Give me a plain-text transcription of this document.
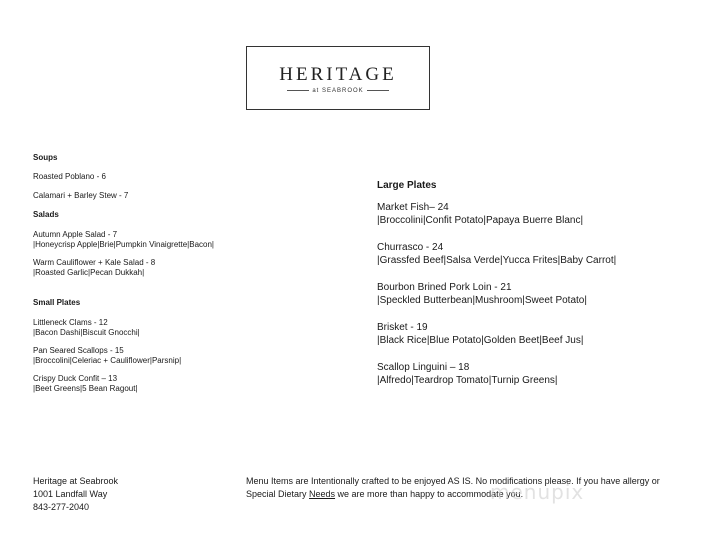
HERITAGE
at SEABROOK
Soups
Roasted Poblano - 6
Calamari + Barley Stew - 7
Salads
Autumn Apple Salad - 7
|Honeycrisp Apple|Brie|Pumpkin Vinaigrette|Bacon|
Warm Cauliflower + Kale Salad - 8
|Roasted Garlic|Pecan Dukkah|
Small Plates
Littleneck Clams - 12
|Bacon Dashi|Biscuit Gnocchi|
Pan Seared Scallops - 15
|Broccolini|Celeriac + Cauliflower|Parsnip|
Crispy Duck Confit – 13
|Beet Greens|5 Bean Ragout|
Large Plates
Market Fish– 24
|Broccolini|Confit Potato|Papaya Buerre Blanc|
Churrasco - 24
|Grassfed Beef|Salsa Verde|Yucca Frites|Baby Carrot|
Bourbon Brined Pork Loin - 21
|Speckled Butterbean|Mushroom|Sweet Potato|
Brisket - 19
|Black Rice|Blue Potato|Golden Beet|Beef Jus|
Scallop Linguini – 18
|Alfredo|Teardrop Tomato|Turnip Greens|
Heritage at Seabrook
1001 Landfall Way
843-277-2040
Menu Items are Intentionally crafted to be enjoyed AS IS. No modifications please. If you have allergy or
Special Dietary Needs we are more than happy to accommodate you.
menupix
